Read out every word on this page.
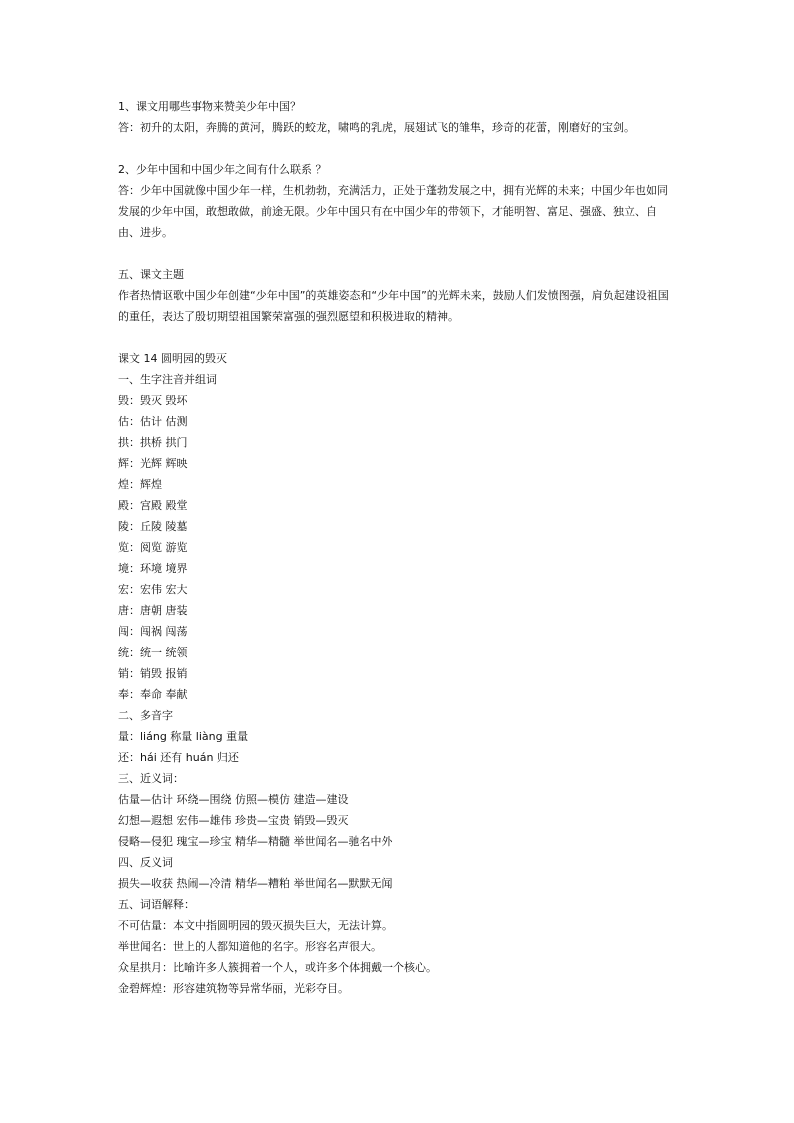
1、课文用哪些事物来赞美少年中国？
答：初升的太阳，奔腾的黄河，腾跃的蛟龙，啸鸣的乳虎，展翅试飞的雏隼，珍奇的花蕾，刚磨好的宝剑。
2、少年中国和中国少年之间有什么联系 ？
答：少年中国就像中国少年一样，生机勃勃，充满活力，正处于蓬勃发展之中，拥有光辉的未来；中国少年也如同发展的少年中国，敢想敢做，前途无限。少年中国只有在中国少年的带领下，才能明智、富足、强盛、独立、自由、进步。
五、课文主题
作者热情讴歌中国少年创建“少年中国”的英雄姿态和“少年中国”的光辉未来，鼓励人们发愤图强，肩负起建设祖国的重任，表达了殷切期望祖国繁荣富强的强烈愿望和积极进取的精神。
课文 14 圆明园的毁灭
一、生字注音并组词
毁：毁灭 毁坏
估：估计 估测
拱：拱桥 拱门
辉：光辉 辉映
煌：辉煌
殿：宫殿 殿堂
陵：丘陵 陵墓
览：阅览 游览
境：环境 境界
宏：宏伟 宏大
唐：唐朝 唐装
闯：闯祸 闯荡
统：统一 统领
销：销毁 报销
奉：奉命 奉献
二、多音字
量：liáng 称量 liàng 重量
还：hái 还有 huán 归还
三、近义词：
估量—估计 环绕—围绕 仿照—模仿 建造—建设
幻想—遐想 宏伟—雄伟 珍贵—宝贵 销毁—毁灭
侵略—侵犯 瑰宝—珍宝 精华—精髓 举世闻名—驰名中外
四、反义词
损失—收获 热闹—冷清 精华—糟粕 举世闻名—默默无闻
五、词语解释：
不可估量：本文中指圆明园的毁灭损失巨大，无法计算。
举世闻名：世上的人都知道他的名字。形容名声很大。
众星拱月：比喻许多人簇拥着一个人，或许多个体拥戴一个核心。
金碧辉煌：形容建筑物等异常华丽，光彩夺目。
